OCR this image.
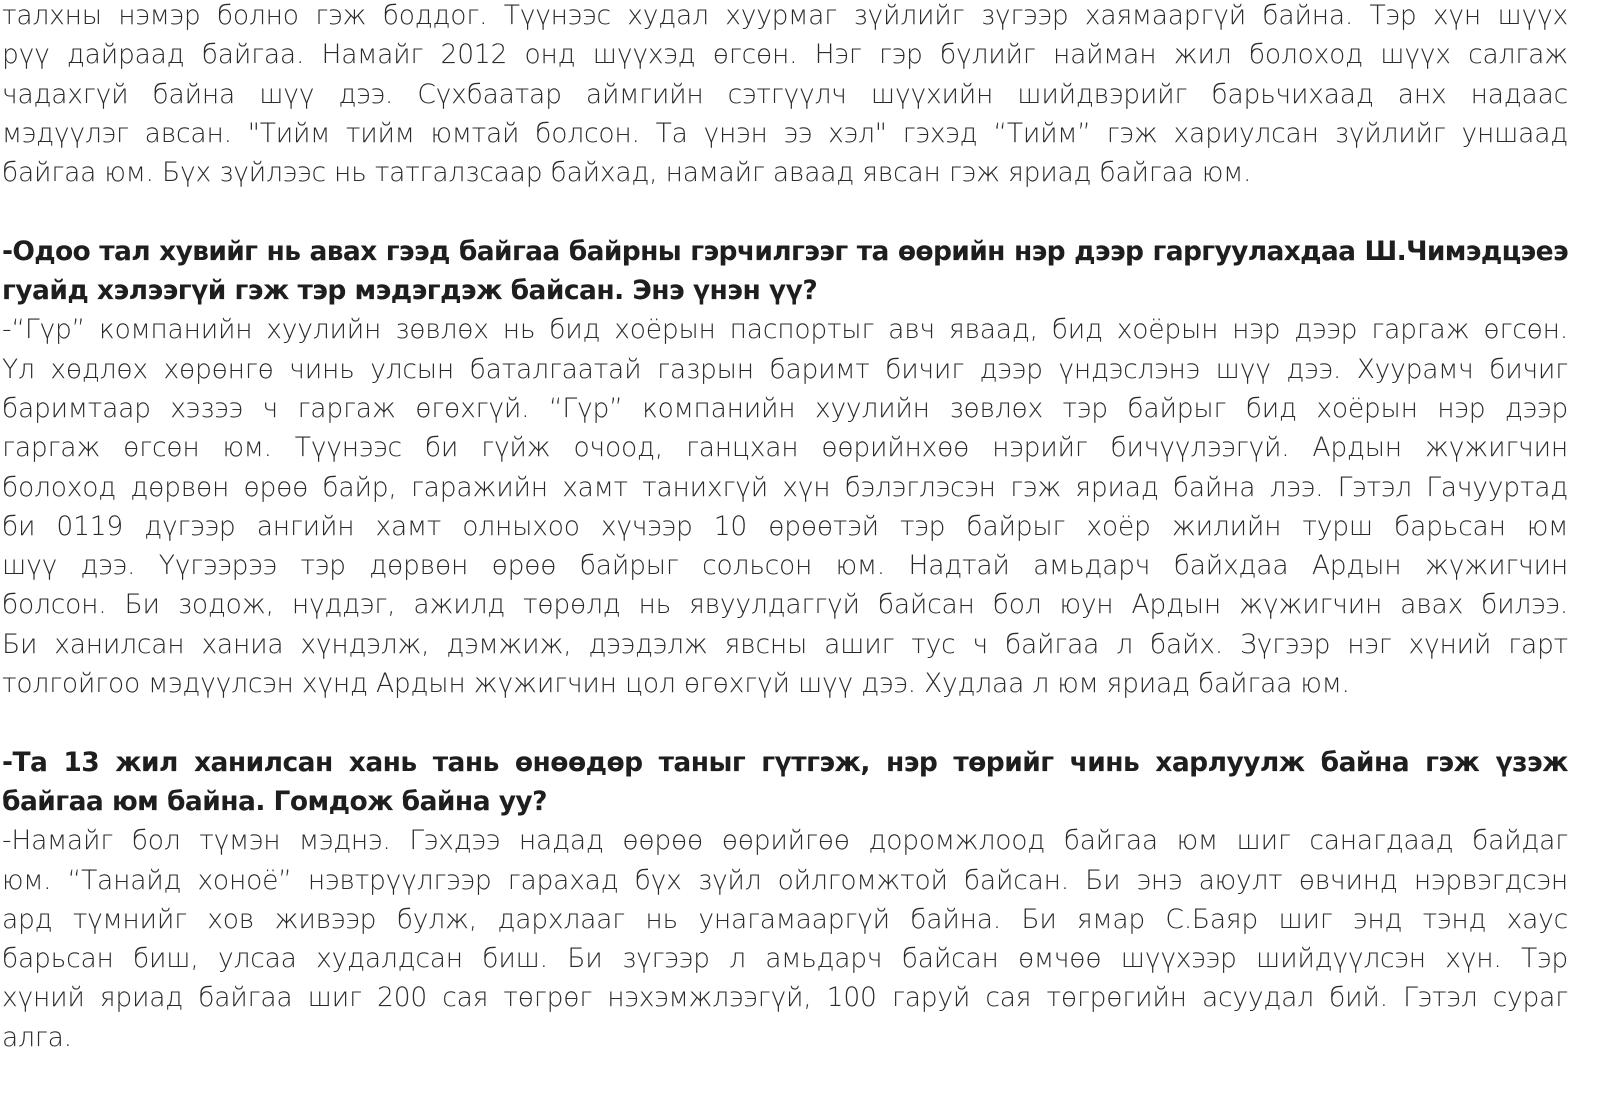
талхны нэмэр болно гэж боддог. Түүнээс худал хуурмаг зүйлийг зүгээр хаямааргүй байна. Тэр хүн шүүх
рүү дайраад байгаа. Намайг 2012 онд шүүхэд өгсөн. Нэг гэр бүлийг найман жил болоход шүүх салгаж
чадахгүй байна шүү дээ. Сүхбаатар аймгийн сэтгүүлч шүүхийн шийдвэрийг барьчихаад анх надаас
мэдүүлэг авсан. "Тийм тийм юмтай болсон. Та үнэн ээ хэл" гэхэд “Тийм” гэж хариулсан зүйлийг уншаад
байгаа юм. Бүх зүйлээс нь татгалзсаар байхад, намайг аваад явсан гэж яриад байгаа юм.
-Одоо тал хувийг нь авах гээд байгаа байрны гэрчилгээг та өөрийн нэр дээр гаргуулахдаа Ш.Чимэдцэеэ
гуайд хэлээгүй гэж тэр мэдэгдэж байсан. Энэ үнэн үү?
-“Гүр” компанийн хуулийн зөвлөх нь бид хоёрын паспортыг авч яваад, бид хоёрын нэр дээр гаргаж өгсөн.
Үл хөдлөх хөрөнгө чинь улсын баталгаатай газрын баримт бичиг дээр үндэслэнэ шүү дээ. Хуурамч бичиг
баримтаар хэзээ ч гаргаж өгөхгүй. “Гүр” компанийн хуулийн зөвлөх тэр байрыг бид хоёрын нэр дээр
гаргаж өгсөн юм. Түүнээс би гүйж очоод, ганцхан өөрийнхөө нэрийг бичүүлээгүй. Ардын жүжигчин
болоход дөрвөн өрөө байр, гаражийн хамт танихгүй хүн бэлэглэсэн гэж яриад байна лээ. Гэтэл Гачууртад
би 0119 дүгээр ангийн хамт олныхоо хүчээр 10 өрөөтэй тэр байрыг хоёр жилийн турш барьсан юм
шүү дээ. Үүгээрээ тэр дөрвөн өрөө байрыг сольсон юм. Надтай амьдарч байхдаа Ардын жүжигчин
болсон. Би зодож, нүддэг, ажилд төрөлд нь явуулдаггүй байсан бол юун Ардын жүжигчин авах билээ.
Би ханилсан ханиа хүндэлж, дэмжиж, дээдэлж явсны ашиг тус ч байгаа л байх. Зүгээр нэг хүний гарт
толгойгоо мэдүүлсэн хүнд Ардын жүжигчин цол өгөхгүй шүү дээ. Худлаа л юм яриад байгаа юм.
-Та 13 жил ханилсан хань тань өнөөдөр таныг гүтгэж, нэр төрийг чинь харлуулж байна гэж үзэж
байгаа юм байна. Гомдож байна уу?
-Намайг бол түмэн мэднэ. Гэхдээ надад өөрөө өөрийгөө доромжлоод байгаа юм шиг санагдаад байдаг
юм. “Танайд хоноё” нэвтрүүлгээр гарахад бүх зүйл ойлгомжтой байсан. Би энэ аюулт өвчинд нэрвэгдсэн
ард түмнийг хов живээр булж, дархлааг нь унагамааргүй байна. Би ямар С.Баяр шиг энд тэнд хаус
барьсан биш, улсаа худалдсан биш. Би зүгээр л амьдарч байсан өмчөө шүүхээр шийдүүлсэн хүн. Тэр
хүний яриад байгаа шиг 200 сая төгрөг нэхэмжлээгүй, 100 гаруй сая төгрөгийн асуудал бий. Гэтэл сураг
алга.
